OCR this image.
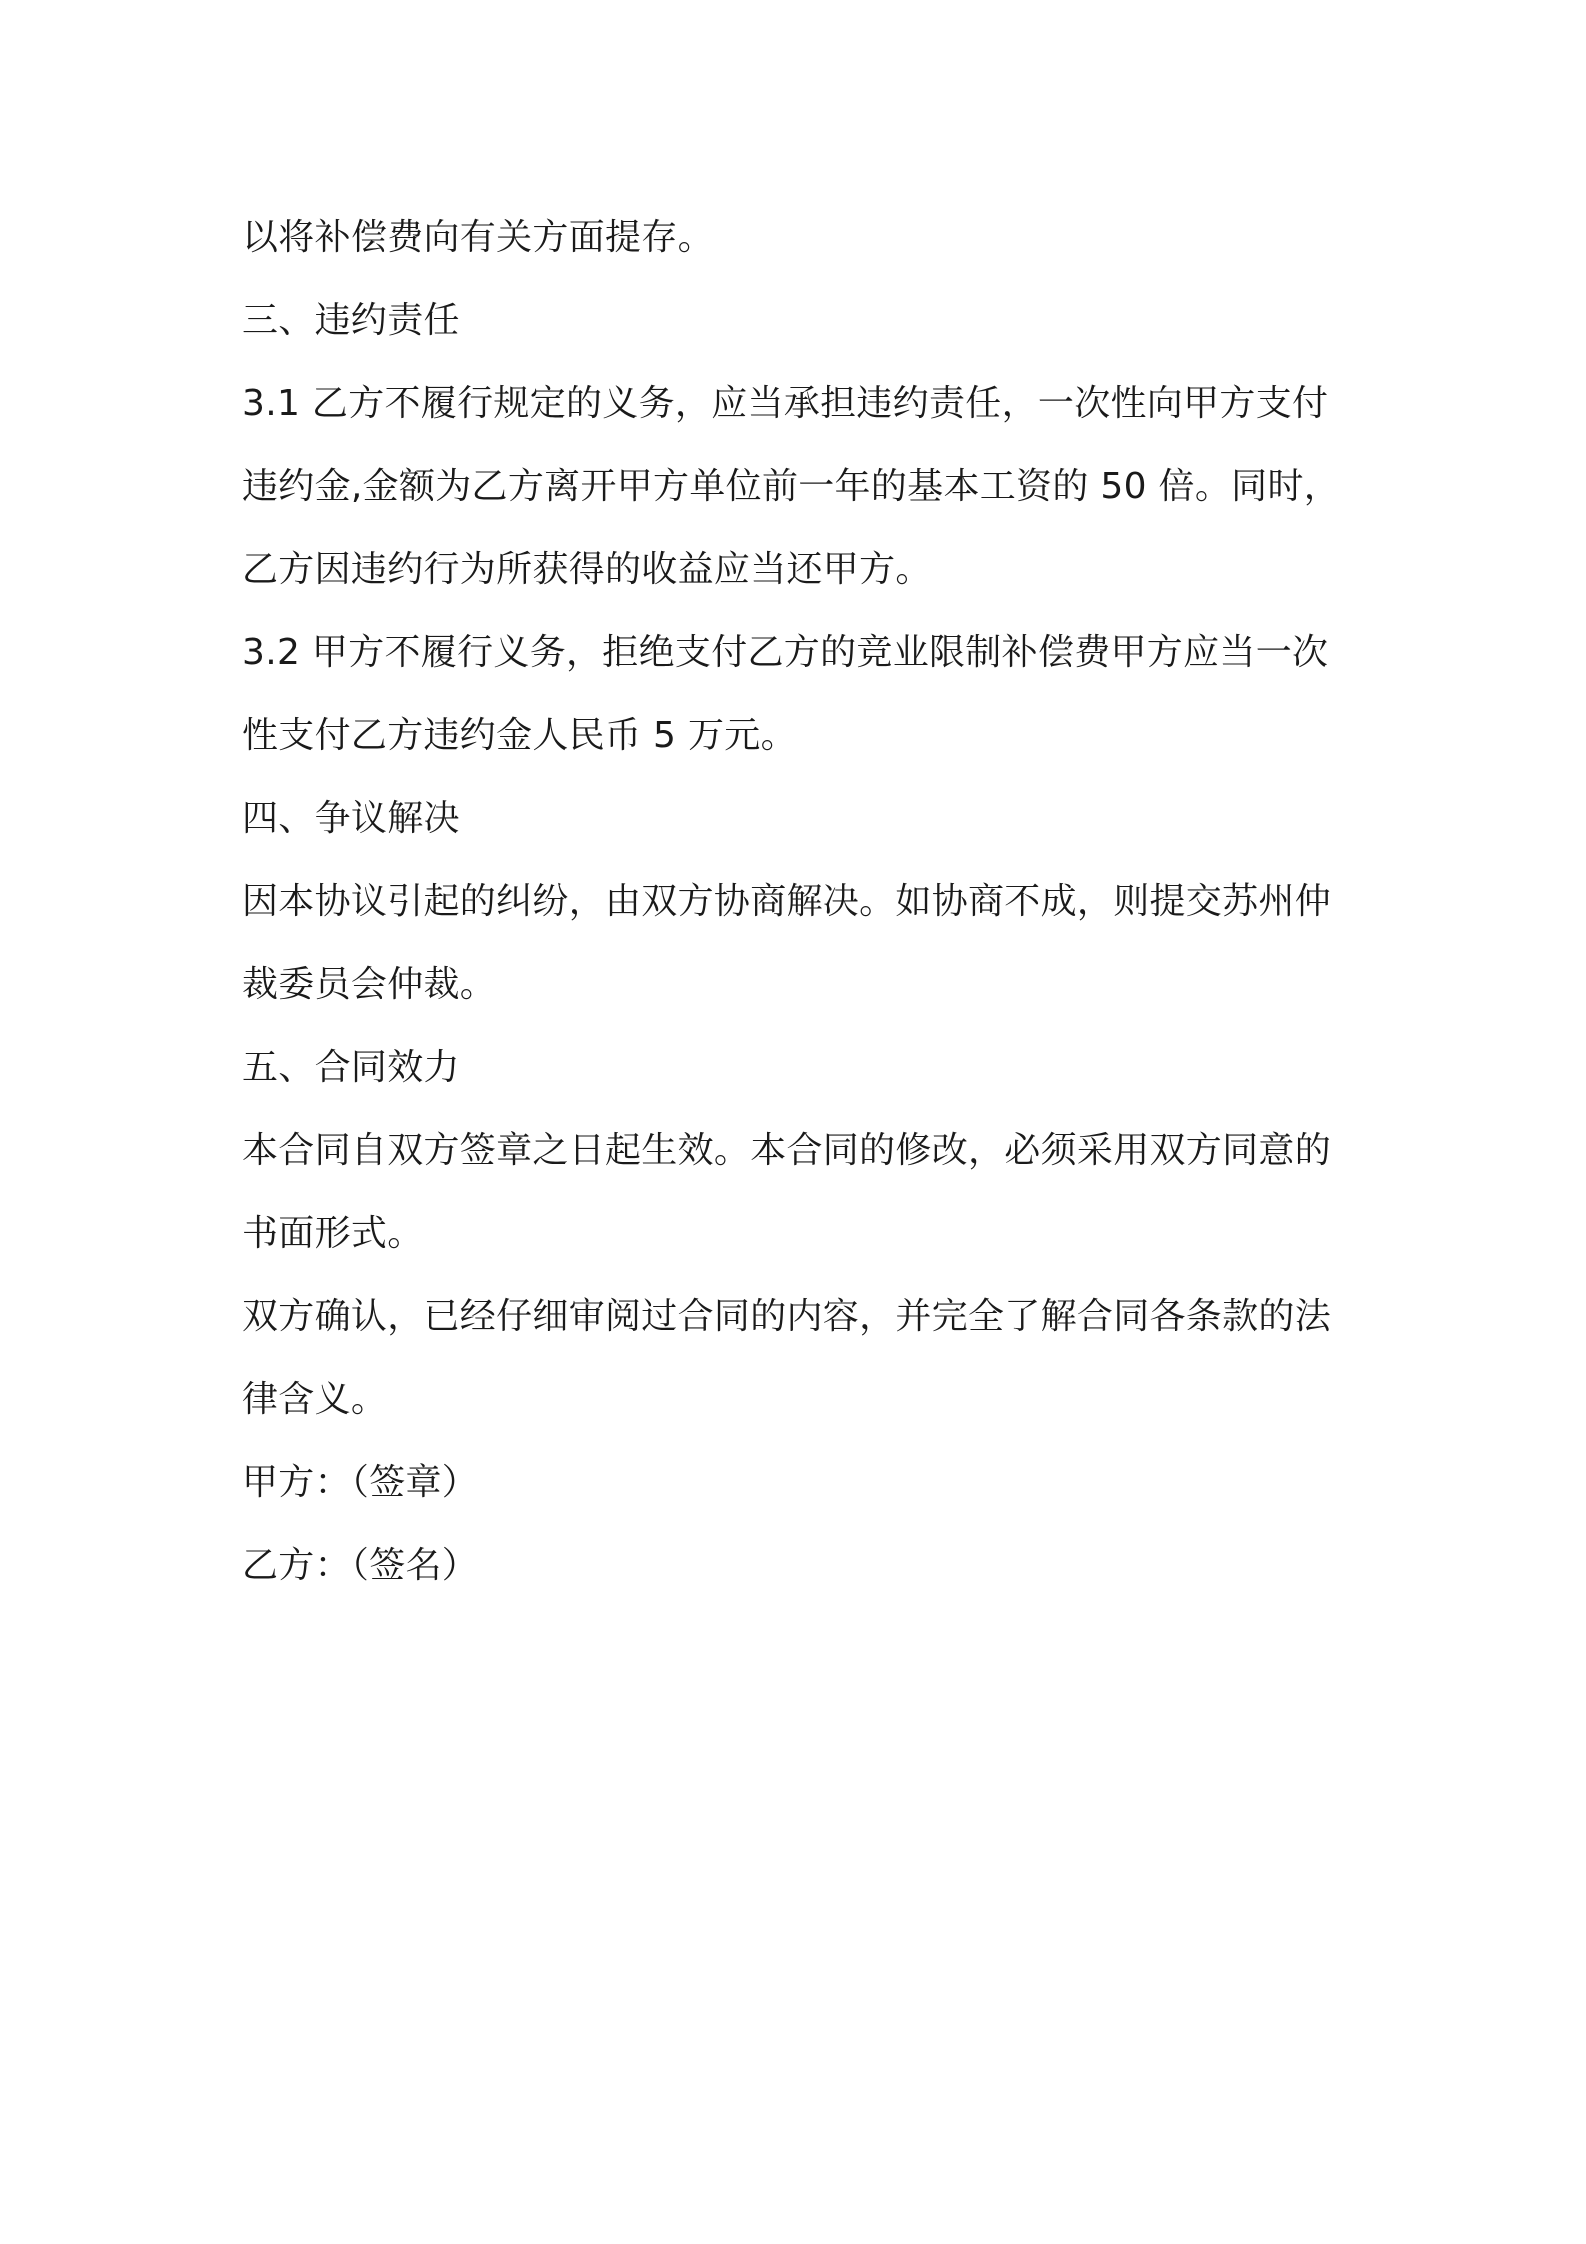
以将补偿费向有关方面提存。
三、违约责任
3.1 乙方不履行规定的义务，应当承担违约责任，一次性向甲方支付
违约金,金额为乙方离开甲方单位前一年的基本工资的 50 倍。同时，
乙方因违约行为所获得的收益应当还甲方。
3.2 甲方不履行义务，拒绝支付乙方的竞业限制补偿费甲方应当一次
性支付乙方违约金人民币 5 万元。
四、争议解决
因本协议引起的纠纷，由双方协商解决。如协商不成，则提交苏州仲
裁委员会仲裁。
五、合同效力
本合同自双方签章之日起生效。本合同的修改，必须采用双方同意的
书面形式。
双方确认，已经仔细审阅过合同的内容，并完全了解合同各条款的法
律含义。
甲方：（签章）
乙方：（签名）
